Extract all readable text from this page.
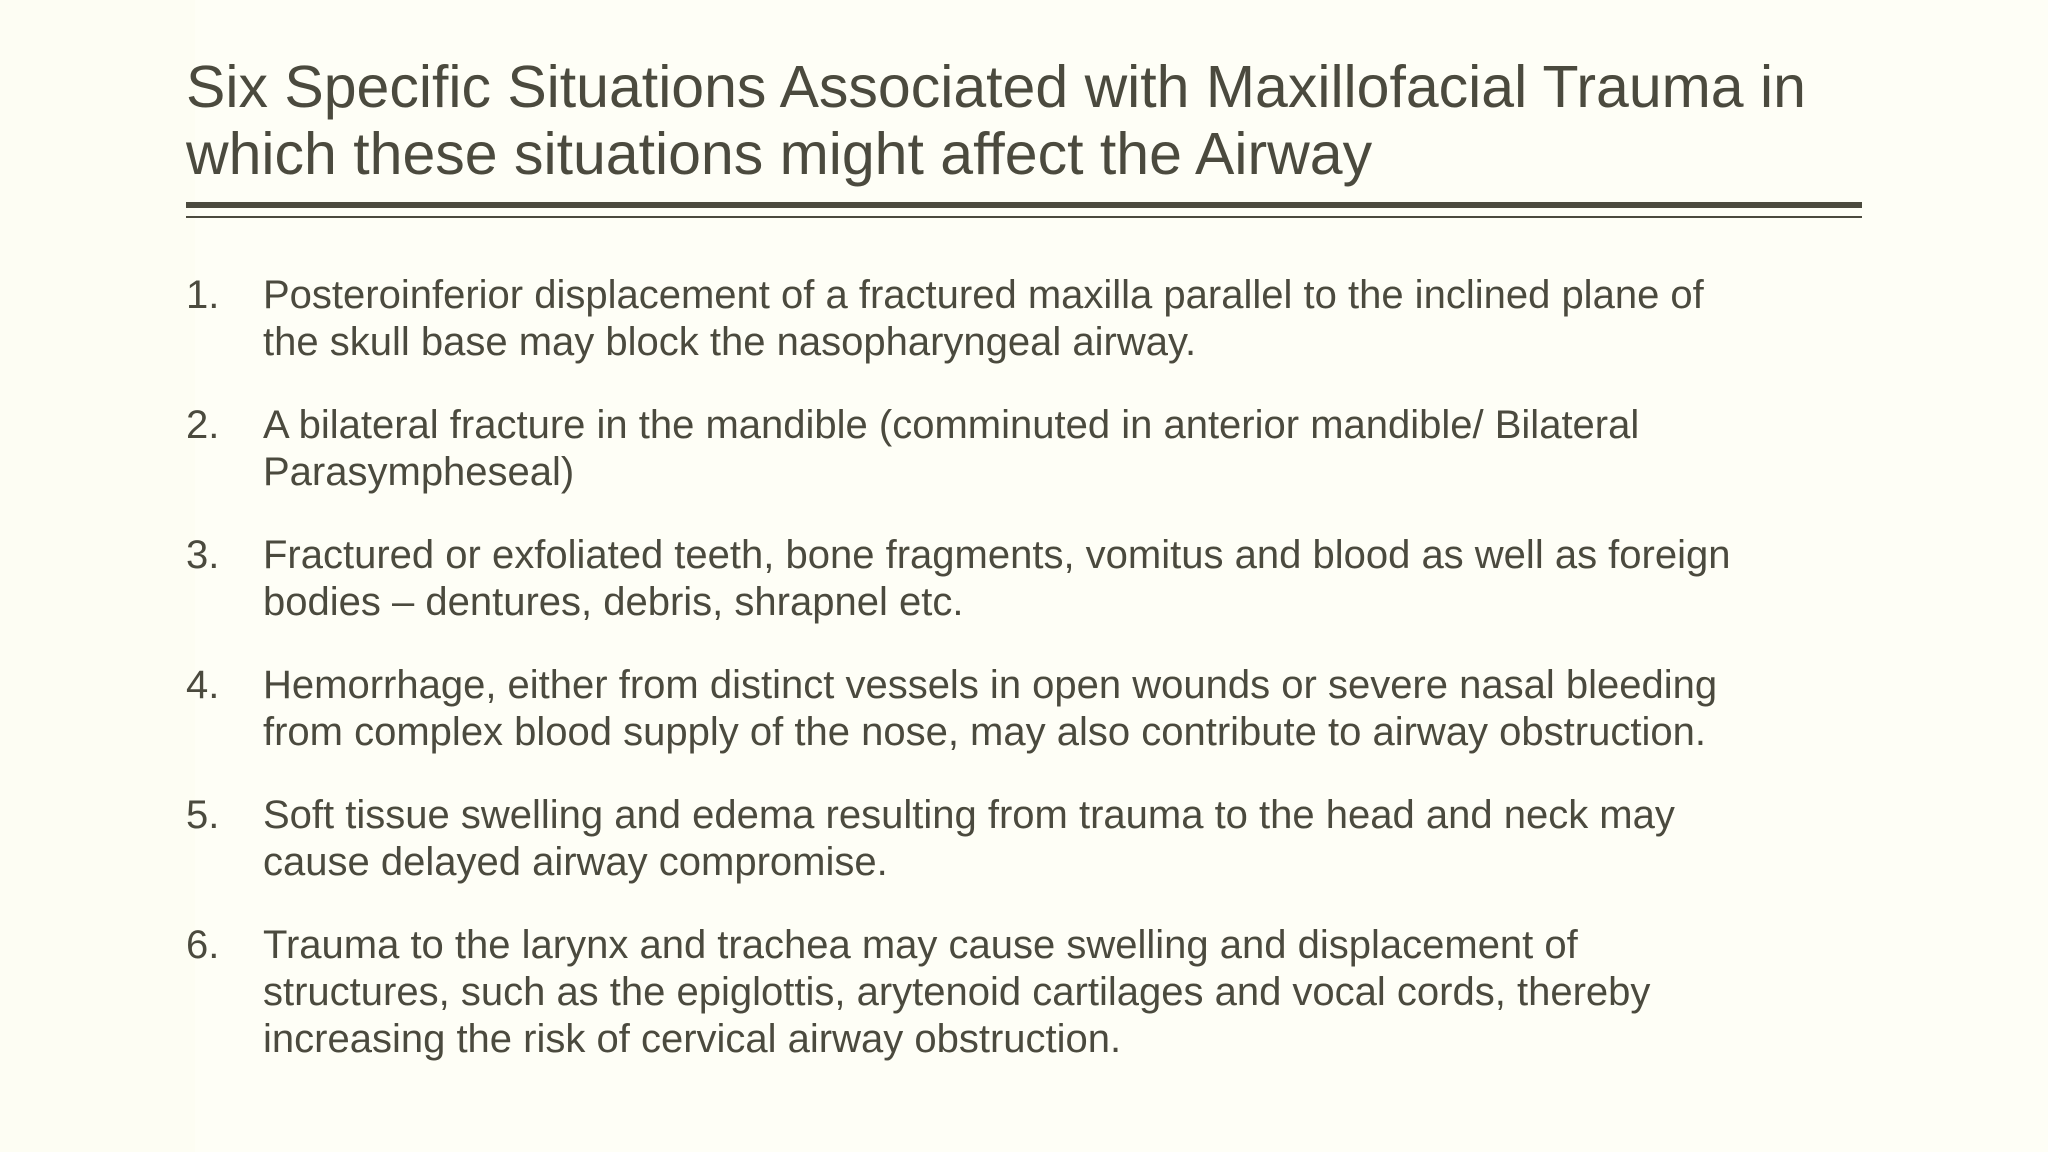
Six Specific Situations Associated with Maxillofacial Trauma in
which these situations might affect the Airway
1. Posteroinferior displacement of a fractured maxilla parallel to the inclined plane of
the skull base may block the nasopharyngeal airway.
2. A bilateral fracture in the mandible (comminuted in anterior mandible/ Bilateral
Parasympheseal)
3. Fractured or exfoliated teeth, bone fragments, vomitus and blood as well as foreign
bodies – dentures, debris, shrapnel etc.
4. Hemorrhage, either from distinct vessels in open wounds or severe nasal bleeding
from complex blood supply of the nose, may also contribute to airway obstruction.
5. Soft tissue swelling and edema resulting from trauma to the head and neck may
cause delayed airway compromise.
6. Trauma to the larynx and trachea may cause swelling and displacement of
structures, such as the epiglottis, arytenoid cartilages and vocal cords, thereby
increasing the risk of cervical airway obstruction.
